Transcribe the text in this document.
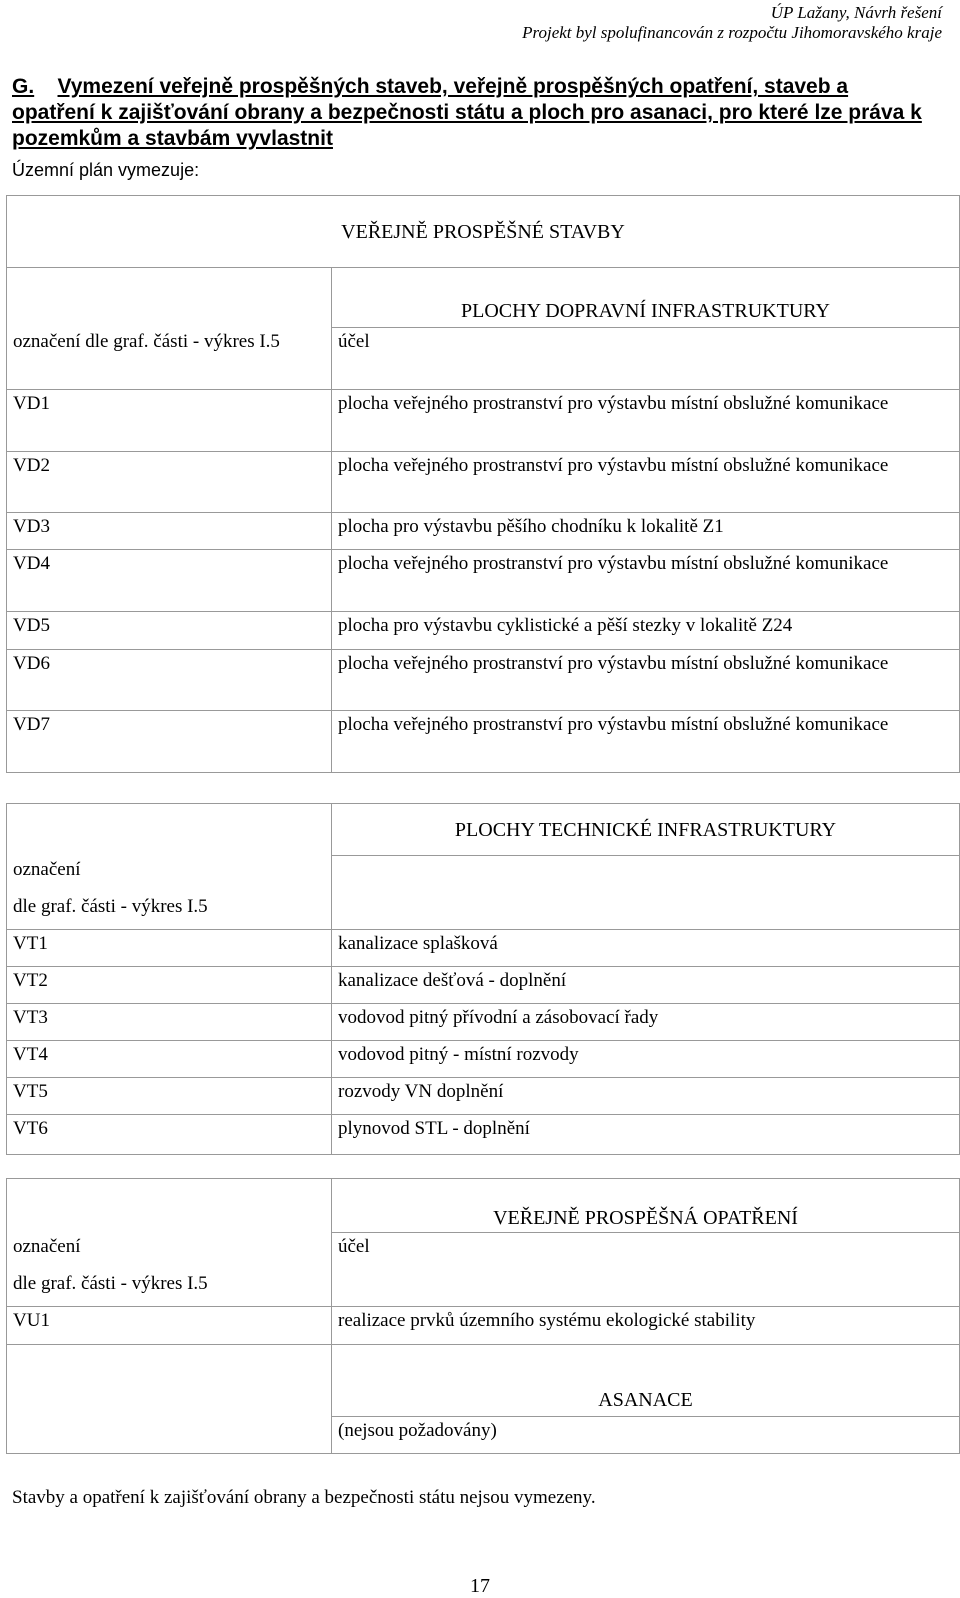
ÚP Lažany, Návrh řešení
Projekt byl spolufinancován z rozpočtu Jihomoravského kraje
G. Vymezení veřejně prospěšných staveb, veřejně prospěšných opatření, staveb a opatření k zajišťování obrany a bezpečnosti státu a ploch pro asanaci, pro které lze práva k pozemkům a stavbám vyvlastnit
Územní plán vymezuje:
VEŘEJNĚ PROSPĚŠNÉ STAVBY	
	PLOCHY DOPRAVNÍ INFRASTRUKTURY
označení dle graf. části - výkres I.5	účel
VD1	plocha veřejného prostranství pro výstavbu místní obslužné komunikace
VD2	plocha veřejného prostranství pro výstavbu místní obslužné komunikace
VD3	plocha pro výstavbu pěšího chodníku k lokalitě Z1
VD4	plocha veřejného prostranství pro výstavbu místní obslužné komunikace
VD5	plocha pro výstavbu cyklistické a pěší stezky v lokalitě Z24
VD6	plocha veřejného prostranství pro výstavbu místní obslužné komunikace
VD7	plocha veřejného prostranství pro výstavbu místní obslužné komunikace
	PLOCHY TECHNICKÉ INFRASTRUKTURY
označení	
dle graf. části - výkres I.5	
VT1	kanalizace splašková
VT2	kanalizace dešťová - doplnění
VT3	vodovod pitný přívodní a zásobovací řady
VT4	vodovod pitný - místní rozvody
VT5	rozvody VN doplnění
VT6	plynovod STL - doplnění
	VEŘEJNĚ PROSPĚŠNÁ OPATŘENÍ
označení	účel
dle graf. části - výkres I.5	
VU1	realizace prvků územního systému ekologické stability
	ASANACE
	(nejsou požadovány)
Stavby a opatření k zajišťování obrany a bezpečnosti státu nejsou vymezeny.
17
